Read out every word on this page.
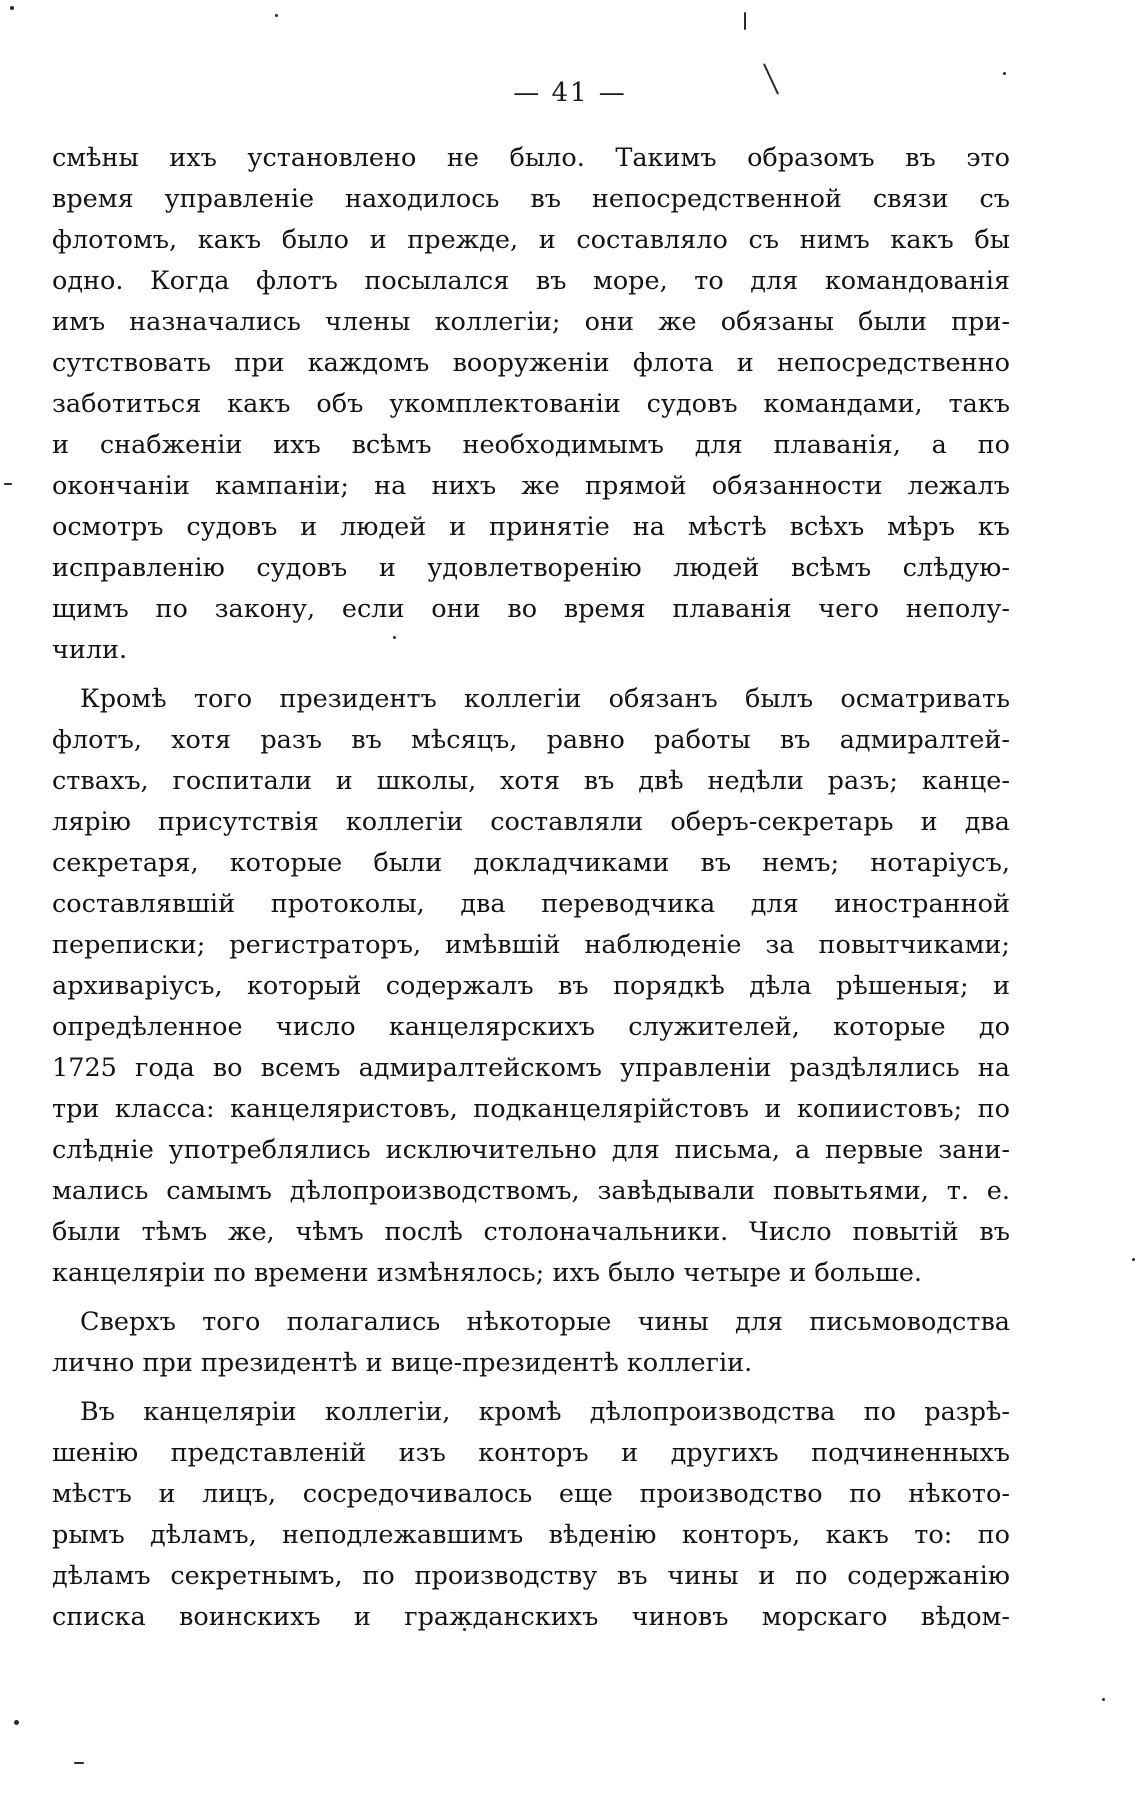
— 41 —
смѣны ихъ установлено не было. Такимъ образомъ въ это
время управленіе находилось въ непосредственной связи съ
флотомъ, какъ было и прежде, и составляло съ нимъ какъ бы
одно. Когда флотъ посылался въ море, то для командованія
имъ назначались члены коллегіи; они же обязаны были при-
сутствовать при каждомъ вооруженіи флота и непосредственно
заботиться какъ объ укомплектованіи судовъ командами, такъ
и снабженіи ихъ всѣмъ необходимымъ для плаванія, а по
окончаніи кампаніи; на нихъ же прямой обязанности лежалъ
осмотръ судовъ и людей и принятіе на мѣстѣ всѣхъ мѣръ къ
исправленію судовъ и удовлетворенію людей всѣмъ слѣдую-
щимъ по закону, если они во время плаванія чего неполу-
чили.
Кромѣ того президентъ коллегіи обязанъ былъ осматривать
флотъ, хотя разъ въ мѣсяцъ, равно работы въ адмиралтей-
ствахъ, госпитали и школы, хотя въ двѣ недѣли разъ; канце-
лярію присутствія коллегіи составляли оберъ-секретарь и два
секретаря, которые были докладчиками въ немъ; нотаріусъ,
составлявшій протоколы, два переводчика для иностранной
переписки; регистраторъ, имѣвшій наблюденіе за повытчиками;
архиваріусъ, который содержалъ въ порядкѣ дѣла рѣшеныя; и
опредѣленное число канцелярскихъ служителей, которые до
1725 года во всемъ адмиралтейскомъ управленіи раздѣлялись на
три класса: канцеляристовъ, подканцелярійстовъ и копиистовъ; по
слѣдніе употреблялись исключительно для письма, а первые зани-
мались самымъ дѣлопроизводствомъ, завѣдывали повытьями, т. е.
были тѣмъ же, чѣмъ послѣ столоначальники. Число повытій въ
канцеляріи по времени измѣнялось; ихъ было четыре и больше.
Сверхъ того полагались нѣкоторые чины для письмоводства
лично при президентѣ и вице-президентѣ коллегіи.
Въ канцеляріи коллегіи, кромѣ дѣлопроизводства по разрѣ-
шенію представленій изъ конторъ и другихъ подчиненныхъ
мѣстъ и лицъ, сосредочивалось еще производство по нѣкото-
рымъ дѣламъ, неподлежавшимъ вѣденію конторъ, какъ то: по
дѣламъ секретнымъ, по производству въ чины и по содержанію
списка воинскихъ и гражданскихъ чиновъ морскаго вѣдом-
